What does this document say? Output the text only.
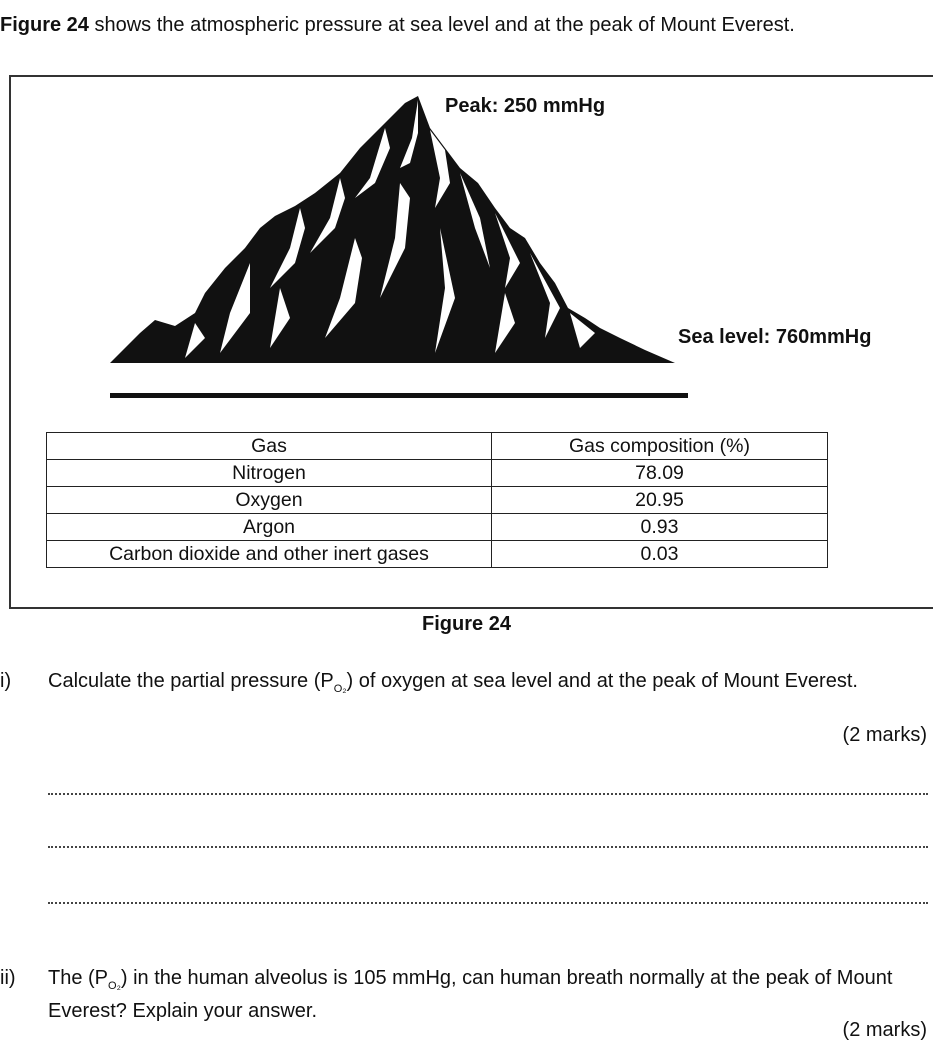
Figure 24 shows the atmospheric pressure at sea level and at the peak of Mount Everest.
Peak: 250 mmHg
Sea level: 760mmHg
Gas	Gas composition (%)
Nitrogen	78.09
Oxygen	20.95
Argon	0.93
Carbon dioxide and other inert gases	0.03
Figure 24
i) Calculate the partial pressure $(P_{O_2})$ of oxygen at sea level and at the peak of Mount Everest.
(2 marks)
ii) The $(P_{O_2})$ in the human alveolus is 105 mmHg, can human breath normally at the peak of Mount Everest? Explain your answer.
(2 marks)
